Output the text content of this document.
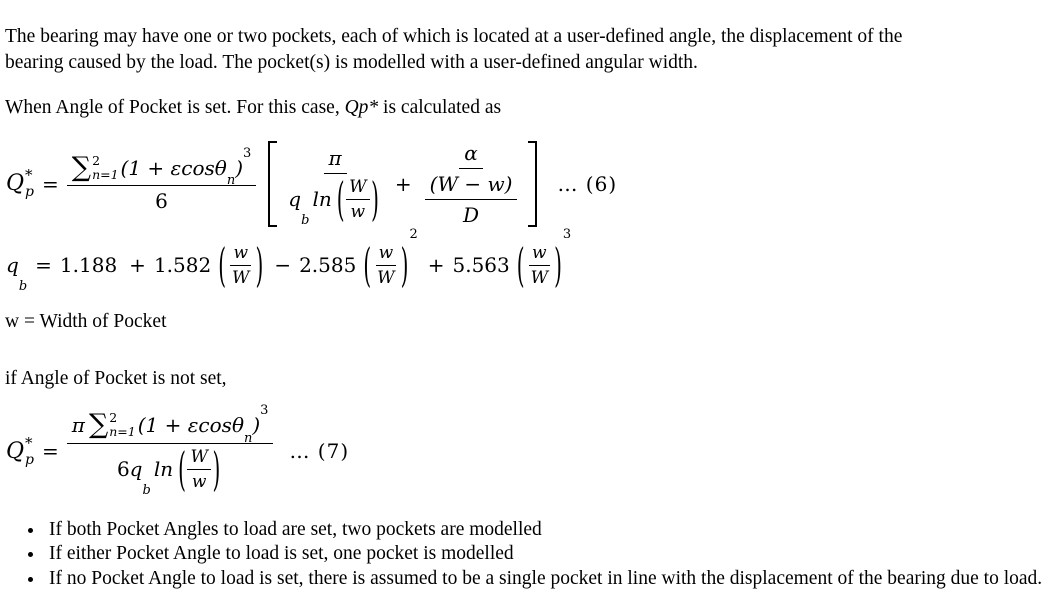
The bearing may have one or two pockets, each of which is located at a user-defined angle, the displacement of the
bearing caused by the load. The pocket(s) is modelled with a user-defined angular width.

When Angle of Pocket is set. For this case, Qp* is calculated as

Q *
p =
∑ 2
n=1 (1 + εcosθ
n
)
3
6
π
q
b
ln ( $\frac{W}{w}$ ) + $\frac{\alpha}{\frac{(W - w)}{D}}$ … (6)
q
b
= 1.188 + 1.582 ( $\frac{w}{W}$ ) − 2.585 ( $\frac{w}{W}$ )
2
+ 5.563 ( $\frac{w}{W}$ )
3

w = Width of Pocket

if Angle of Pocket is not set,

Q *
p =
π ∑ 2
n=1 (1 + εcosθ
n
)
3
6 q
b
ln ( $\frac{W}{w}$ )	… (7)
• If both Pocket Angles to load are set, two pockets are modelled
• If either Pocket Angle to load is set, one pocket is modelled
• If no Pocket Angle to load is set, there is assumed to be a single pocket in line with the displacement of the bearing due to load.
